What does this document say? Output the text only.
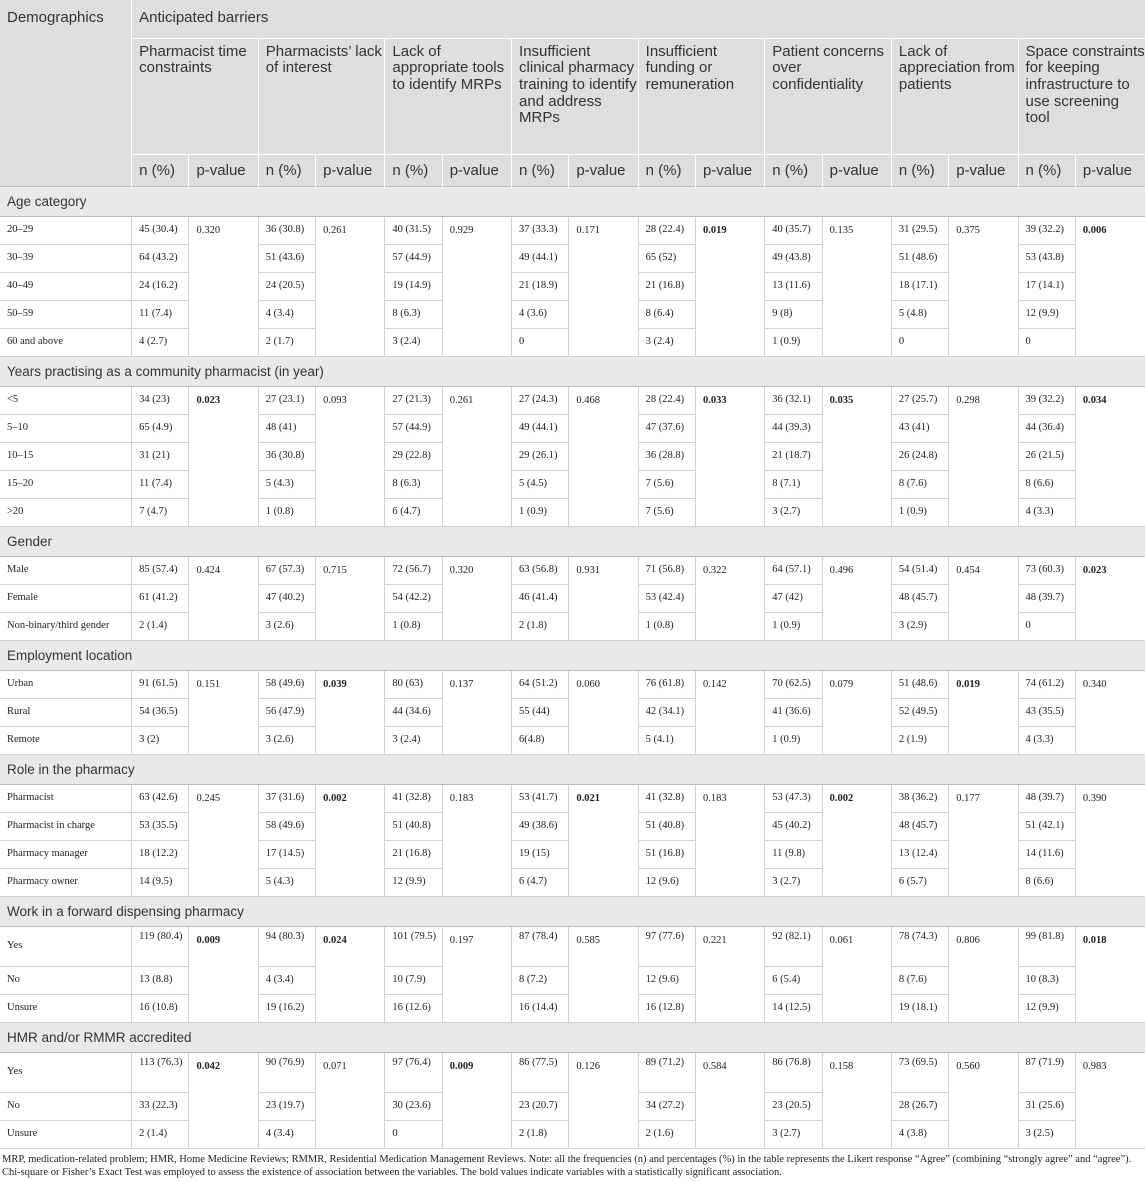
Demographics	Anticipated barriers															
	Pharmacist time constraints		Pharmacists’ lack of interest		Lack of appropriate tools to identify MRPs		Insufficient clinical pharmacy training to identify and address MRPs		Insufficient funding or remuneration		Patient concerns over confidentiality		Lack of appreciation from patients		Space constraints for keeping infrastructure to use screening tool	
	n (%)	p-value	n (%)	p-value	n (%)	p-value	n (%)	p-value	n (%)	p-value	n (%)	p-value	n (%)	p-value	n (%)	p-value
Age category																
20–29	45 (30.4)	0.320	36 (30.8)	0.261	40 (31.5)	0.929	37 (33.3)	0.171	28 (22.4)	0.019	40 (35.7)	0.135	31 (29.5)	0.375	39 (32.2)	0.006
30–39	64 (43.2)		51 (43.6)		57 (44.9)		49 (44.1)		65 (52)		49 (43.8)		51 (48.6)		53 (43.8)	
40–49	24 (16.2)		24 (20.5)		19 (14.9)		21 (18.9)		21 (16.8)		13 (11.6)		18 (17.1)		17 (14.1)	
50–59	11 (7.4)		4 (3.4)		8 (6.3)		4 (3.6)		8 (6.4)		9 (8)		5 (4.8)		12 (9.9)	
60 and above	4 (2.7)		2 (1.7)		3 (2.4)		0		3 (2.4)		1 (0.9)		0		0	
Years practising as a community pharmacist (in year)																
<5	34 (23)	0.023	27 (23.1)	0.093	27 (21.3)	0.261	27 (24.3)	0.468	28 (22.4)	0.033	36 (32.1)	0.035	27 (25.7)	0.298	39 (32.2)	0.034
5–10	65 (4.9)		48 (41)		57 (44.9)		49 (44.1)		47 (37.6)		44 (39.3)		43 (41)		44 (36.4)	
10–15	31 (21)		36 (30.8)		29 (22.8)		29 (26.1)		36 (28.8)		21 (18.7)		26 (24.8)		26 (21.5)	
15–20	11 (7.4)		5 (4.3)		8 (6.3)		5 (4.5)		7 (5.6)		8 (7.1)		8 (7.6)		8 (6.6)	
>20	7 (4.7)		1 (0.8)		6 (4.7)		1 (0.9)		7 (5.6)		3 (2.7)		1 (0.9)		4 (3.3)	
Gender																
Male	85 (57.4)	0.424	67 (57.3)	0.715	72 (56.7)	0.320	63 (56.8)	0.931	71 (56.8)	0.322	64 (57.1)	0.496	54 (51.4)	0.454	73 (60.3)	0.023
Female	61 (41.2)		47 (40.2)		54 (42.2)		46 (41.4)		53 (42.4)		47 (42)		48 (45.7)		48 (39.7)	
Non-binary/third gender	2 (1.4)		3 (2.6)		1 (0.8)		2 (1.8)		1 (0.8)		1 (0.9)		3 (2.9)		0	
Employment location																
Urban	91 (61.5)	0.151	58 (49.6)	0.039	80 (63)	0.137	64 (51.2)	0.060	76 (61.8)	0.142	70 (62.5)	0.079	51 (48.6)	0.019	74 (61.2)	0.340
Rural	54 (36.5)		56 (47.9)		44 (34.6)		55 (44)		42 (34.1)		41 (36.6)		52 (49.5)		43 (35.5)	
Remote	3 (2)		3 (2.6)		3 (2.4)		6(4.8)		5 (4.1)		1 (0.9)		2 (1.9)		4 (3.3)	
Role in the pharmacy																
Pharmacist	63 (42.6)	0.245	37 (31.6)	0.002	41 (32.8)	0.183	53 (41.7)	0.021	41 (32.8)	0.183	53 (47.3)	0.002	38 (36.2)	0.177	48 (39.7)	0.390
Pharmacist in charge	53 (35.5)		58 (49.6)		51 (40.8)		49 (38.6)		51 (40.8)		45 (40.2)		48 (45.7)		51 (42.1)	
Pharmacy manager	18 (12.2)		17 (14.5)		21 (16.8)		19 (15)		51 (16.8)		11 (9.8)		13 (12.4)		14 (11.6)	
Pharmacy owner	14 (9.5)		5 (4.3)		12 (9.9)		6 (4.7)		12 (9.6)		3 (2.7)		6 (5.7)		8 (6.6)	
Work in a forward dispensing pharmacy																
Yes	119 (80.4)	0.009	94 (80.3)	0.024	101 (79.5)	0.197	87 (78.4)	0.585	97 (77.6)	0.221	92 (82.1)	0.061	78 (74.3)	0.806	99 (81.8)	0.018
No	13 (8.8)		4 (3.4)		10 (7.9)		8 (7.2)		12 (9.6)		6 (5.4)		8 (7.6)		10 (8.3)	
Unsure	16 (10.8)		19 (16.2)		16 (12.6)		16 (14.4)		16 (12.8)		14 (12.5)		19 (18.1)		12 (9.9)	
HMR and/or RMMR accredited																
Yes	113 (76.3)	0.042	90 (76.9)	0.071	97 (76.4)	0.009	86 (77.5)	0.126	89 (71.2)	0.584	86 (76.8)	0.158	73 (69.5)	0.560	87 (71.9)	0.983
No	33 (22.3)		23 (19.7)		30 (23.6)		23 (20.7)		34 (27.2)		23 (20.5)		28 (26.7)		31 (25.6)	
Unsure	2 (1.4)		4 (3.4)		0		2 (1.8)		2 (1.6)		3 (2.7)		4 (3.8)		3 (2.5)	
MRP, medication-related problem; HMR, Home Medicine Reviews; RMMR, Residential Medication Management Reviews. Note: all the frequencies (n) and percentages (%) in the table represents the Likert response “Agree” (combining “strongly agree” and “agree”). Chi-square or Fisher’s Exact Test was employed to assess the existence of association between the variables. The bold values indicate variables with a statistically significant association.
